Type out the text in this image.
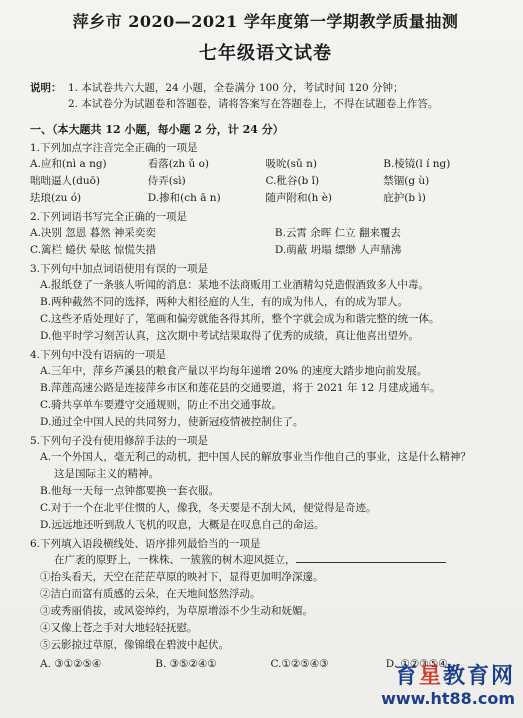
萍乡市 2020—2021 学年度第一学期教学质量抽测
七年级语文试卷
说明： 1. 本试卷共六大题，24 小题，全卷满分 100 分，考试时间 120 分钟；
2. 本试卷分为试题卷和答题卷，请将答案写在答题卷上，不得在试题卷上作答。
一、（本大题共 12 小题，每小题 2 分，计 24 分）
1.下列加点字注音完全正确的一项是
A.应和(nì a ng)	看落(zh ǔ o)	吸吮(sǔ n)	B.棱镜(l í ng)
咄咄逼人(duō)	侍弄(sì)	C.秕谷(b ǐ)	禁锢(g ù)
珐琅(zu ó)	D.掺和(ch ā n)	随声附和(h è)	庇护(b ì)
2.下列词语书写完全正确的一项是
A.决别 忽恩 暮然 神采奕奕	B.云霄 余晖 仁立 翻来覆去
C.篱栏 蜷伏 晕眩 惊慌失措	D.萌蔽 坍塌 缥缈 人声鼎沸
3.下列句中加点词语使用有误的一项是
A.报纸登了一条骇人听闻的消息：某地不法商贩用工业酒精勾兑造假酒致多人中毒。
B.两种截然不同的选择，两种大相径庭的人生，有的成为伟人，有的成为罪人。
C.这些矛盾处理好了，笔画和偏旁就能各得其所，整个字就会成为和谐完整的统一体。
D.他平时学习刻苦认真，这次期中考试结果取得了优秀的成绩，真让他喜出望外。
4.下列句中没有语病的一项是
A.三年中，萍乡芦溪县的粮食产量以平均每年递增 20% 的速度大踏步地向前发展。
B.萍莲高速公路是连接萍乡市区和莲花县的交通要道，将于 2021 年 12 月建成通车。
C.骑共享单车要遵守交通规则，防止不出交通事故。
D.通过全中国人民的共同努力，使新冠疫情被控制住了。
5.下列句子没有使用修辞手法的一项是
A.一个外国人，毫无利己的动机，把中国人民的解放事业当作他自己的事业，这是什么精神？
这是国际主义的精神。
B.他每一天每一点钟都要换一套衣服。
C.对于一个在北平住惯的人，像我，冬天要是不刮大风，便觉得是奇迹。
D.远远地还听到敌人飞机的叹息，大概是在叹息自己的命运。
6.下列填入语段横线处、语序排列最恰当的一项是
在广袤的原野上，一株株、一簇簇的树木迎风挺立，
①抬头看天，天空在茫茫草原的映衬下，显得更加明净深邃。
②洁白而富有质感的云朵，在天地间悠然浮动。
③或秀丽俏拔，或风姿绰约，为草原增添不少生动和妩媚。
④又像上苍之手对大地轻轻抚慰。
⑤云影掠过草原，像锦缎在碧波中起伏。
A. ③①②⑤④	B. ③⑤②④①	C.①②⑤④③	D. ①②③⑤④
育星教育网
www.ht88.com
